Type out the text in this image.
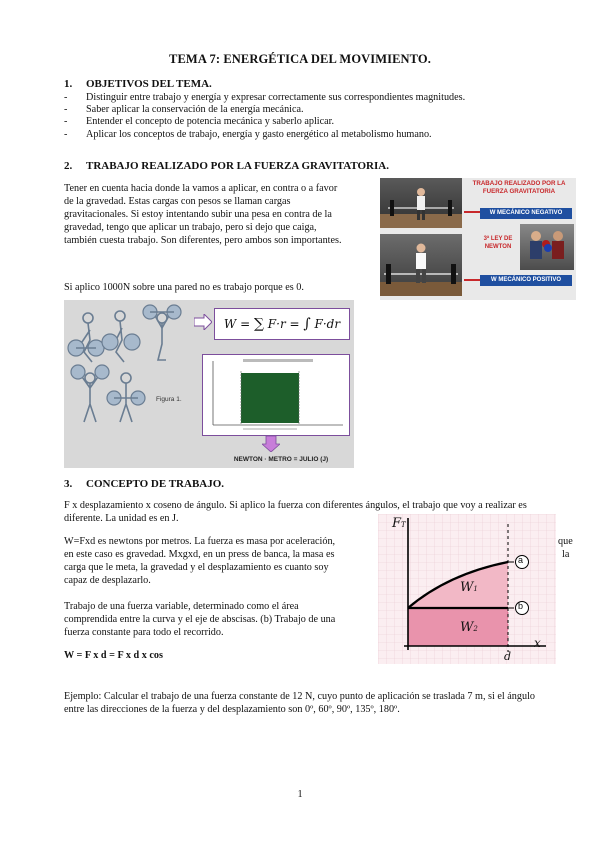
TEMA 7: ENERGÉTICA DEL MOVIMIENTO.
1. OBJETIVOS DEL TEMA.
- Distinguir entre trabajo y energía y expresar correctamente sus correspondientes magnitudes.
- Saber aplicar la conservación de la energía mecánica.
- Entender el concepto de potencia mecánica y saberlo aplicar.
- Aplicar los conceptos de trabajo, energía y gasto energético al metabolismo humano.
2. TRABAJO REALIZADO POR LA FUERZA GRAVITATORIA.
Tener en cuenta hacia donde la vamos a aplicar, en contra o a favor
de la gravedad. Estas cargas con pesos se llaman cargas
gravitacionales. Si estoy intentando subir una pesa en contra de la
gravedad, tengo que aplicar un trabajo, pero si dejo que caiga,
también cuesta trabajo. Son diferentes, pero ambos son importantes.
Si aplico 1000N sobre una pared no es trabajo porque es 0.
TRABAJO REALIZADO POR LA
FUERZA GRAVITATORIA
W MECÁNICO NEGATIVO
3ª LEY DE
NEWTON
W MECÁNICO POSITIVO
Figura 1.
W = ∑ F·r = ∫ F·dr
NEWTON · METRO = JULIO (J)
3. CONCEPTO DE TRABAJO.
F x desplazamiento x coseno de ángulo. Si aplico la fuerza con diferentes ángulos, el trabajo que voy a realizar es
diferente. La unidad es en J.
W=Fxd es newtons por metros. La fuerza es masa por aceleración,
en este caso es gravedad. Mxgxd, en un press de banca, la masa es
carga que le meta, la gravedad y el desplazamiento es cuanto soy
capaz de desplazarlo.
que
la
Trabajo de una fuerza variable, determinado como el área
comprendida entre la curva y el eje de abscisas. (b) Trabajo de una
fuerza constante para todo el recorrido.
W = F x d = F x d x cos
FT
x
d
W1
W2
a
b
Ejemplo: Calcular el trabajo de una fuerza constante de 12 N, cuyo punto de aplicación se traslada 7 m, si el ángulo
entre las direcciones de la fuerza y del desplazamiento son 0º, 60º, 90º, 135º, 180º.
1
